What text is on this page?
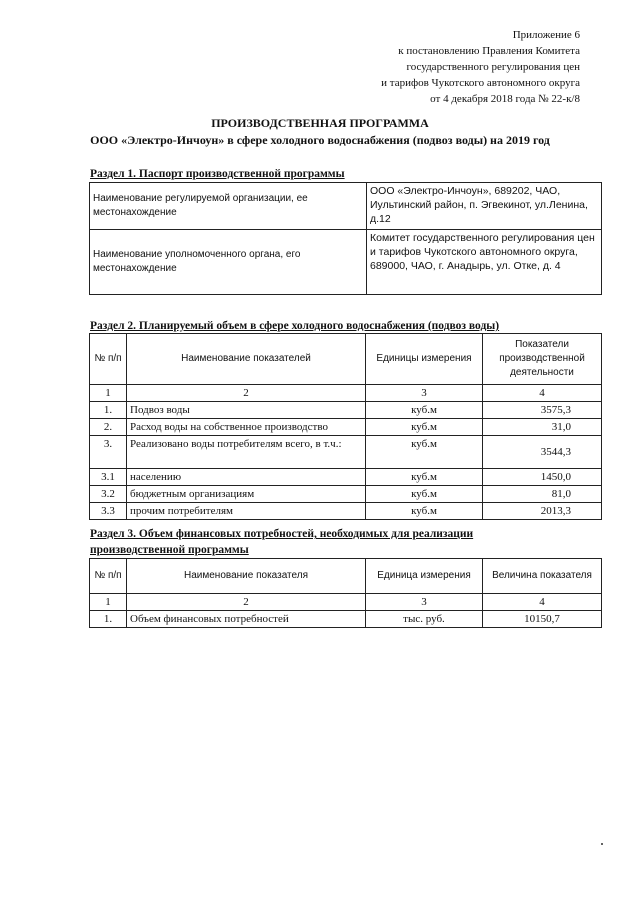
Приложение 6
к постановлению Правления Комитета
государственного регулирования цен
и тарифов Чукотского автономного округа
от 4 декабря 2018 года № 22-к/8
ПРОИЗВОДСТВЕННАЯ ПРОГРАММА
ООО «Электро-Инчоун» в сфере холодного водоснабжения (подвоз воды) на 2019 год
Раздел 1. Паспорт производственной программы
Наименование регулируемой организации, ее местонахождение	ООО «Электро-Инчоун», 689202, ЧАО, Иультинский район, п. Эгвекинот, ул.Ленина, д.12
Наименование уполномоченного органа, его местонахождение	Комитет государственного регулирования цен и тарифов Чукотского автономного округа, 689000, ЧАО, г. Анадырь, ул. Отке, д. 4
Раздел 2. Планируемый объем в сфере холодного водоснабжения (подвоз воды)
№ п/п	Наименование показателей	Единицы измерения	Показатели производственной деятельности
1	2	3	4
1.	Подвоз воды	куб.м	3575,3
2.	Расход воды на собственное производство	куб.м	31,0
3.	Реализовано воды потребителям всего, в т.ч.:	куб.м	3544,3
3.1	населению	куб.м	1450,0
3.2	бюджетным организациям	куб.м	81,0
3.3	прочим потребителям	куб.м	2013,3
Раздел 3. Объем финансовых потребностей, необходимых для реализации
производственной программы
№ п/п	Наименование показателя	Единица измерения	Величина показателя
1	2	3	4
1.	Объем финансовых потребностей	тыс. руб.	10150,7
